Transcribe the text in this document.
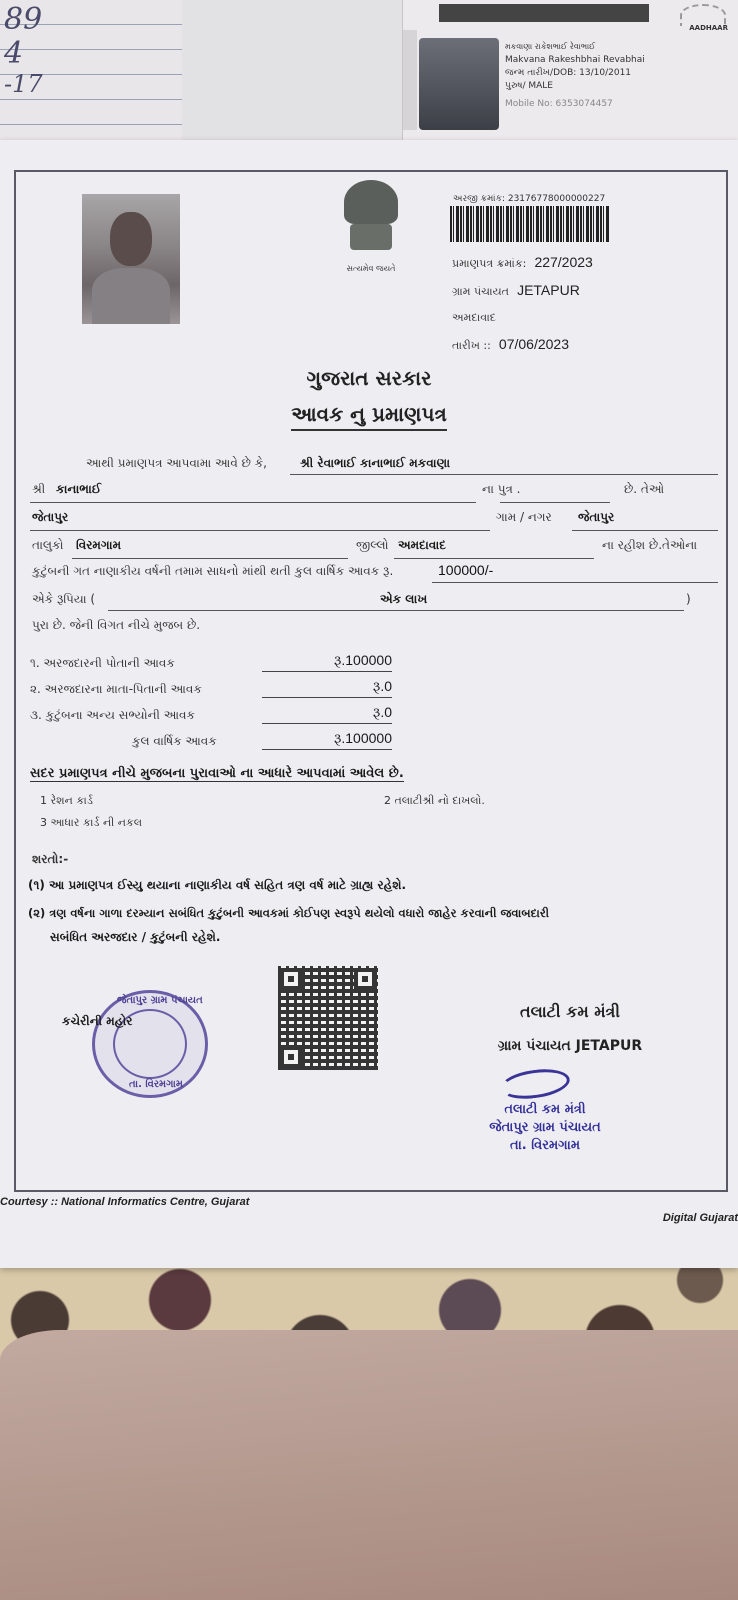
89
4
-17
AADHAAR
મકવાણા રાકેશભાઈ રેવાભાઈ
Makvana Rakeshbhai Revabhai
જન્મ તારીખ/DOB: 13/10/2011
પુરુષ/ MALE
Mobile No: 6353074457
સત્યમેવ જયતે
અરજી ક્રમાંક: 23176778000000227
પ્રમાણપત્ર ક્રમાંક: 227/2023
ગ્રામ પંચાયત JETAPUR
અમદાવાદ
તારીખ :: 07/06/2023
ગુજરાત સરકાર
આવક નુ પ્રમાણપત્ર
આથી પ્રમાણપત્ર આપવામા આવે છે કે,	શ્રી રેવાભાઈ કાનાભાઈ મકવાણા
શ્રી કાનાભાઈ	ના પુત્ર .	છે. તેઓ
જેતાપુર	ગામ / નગર જેતાપુર
તાલુકો વિરમગામ	જીલ્લો અમદાવાદ	ના રહીશ છે.તેઓના
કુટુંબની ગત નાણાકીય વર્ષની તમામ સાધનો માંથી થતી કુલ વાર્ષિક આવક રૂ.	100000/-
એકે રૂપિયા (	એક લાખ	)
પુરા છે. જેની વિગત નીચે મુજબ છે.
૧. અરજદારની પોતાની આવક	રૂ.100000
૨. અરજદારના માતા-પિતાની આવક	રૂ.0
૩. કુટુંબના અન્ય સભ્યોની આવક	રૂ.0
કુલ વાર્ષિક આવક	રૂ.100000
સદર પ્રમાણપત્ર નીચે મુજબના પુરાવાઓ ના આધારે આપવામાં આવેલ છે.
1 રેશન કાર્ડ	2 તલાટીશ્રી નો દાખલો.
3 આધાર કાર્ડ ની નકલ
શરતો:-
(૧) આ પ્રમાણપત્ર ઈસ્યુ થયાના નાણાકીય વર્ષ સહિત ત્રણ વર્ષ માટે ગ્રાહ્ય રહેશે.
(૨) ત્રણ વર્ષના ગાળા દરમ્યાન સબંધિત કુટુંબની આવકમાં કોઈપણ સ્વરૂપે થયેલો વધારો જાહેર કરવાની જવાબદારી
સબંધિત અરજદાર / કુટુંબની રહેશે.
જેતાપુર ગ્રામ પંચાયત
તા. વિરમગામ
કચેરીની મહોર	તલાટી કમ મંત્રી
ગ્રામ પંચાયત JETAPUR
તલાટી કમ મંત્રી
જેતાપુર ગ્રામ પંચાયત
તા. વિરમગામ
Courtesy :: National Informatics Centre, Gujarat
Digital Gujarat
